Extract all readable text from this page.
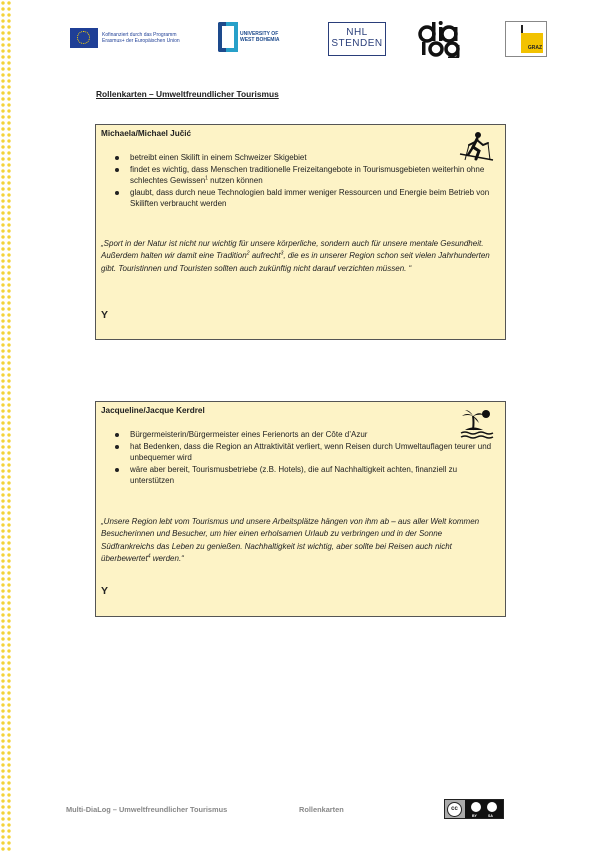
Kofinanziert durch das Programm Erasmus+ der Europäischen Union
UNIVERSITY OF WEST BOHEMIA
NHL
STENDEN	GRAZ
Rollenkarten – Umweltfreundlicher Tourismus
Michaela/Michael Jučić
betreibt einen Skilift in einem Schweizer Skigebiet
findet es wichtig, dass Menschen traditionelle Freizeitangebote in Tourismusgebieten weiterhin ohne schlechtes Gewissen$^1$ nutzen können
glaubt, dass durch neue Technologien bald immer weniger Ressourcen und Energie beim Betrieb von Skiliften verbraucht werden
„Sport in der Natur ist nicht nur wichtig für unsere körperliche, sondern auch für unsere mentale Gesundheit. Außerdem halten wir damit eine Tradition$^2$ aufrecht$^3$, die es in unserer Region schon seit vielen Jahrhunderten gibt. Touristinnen und Touristen sollten auch zukünftig nicht darauf verzichten müssen. “
Y
Jacqueline/Jacque Kerdrel
Bürgermeisterin/Bürgermeister eines Ferienorts an der Côte d’Azur
hat Bedenken, dass die Region an Attraktivität verliert, wenn Reisen durch Umweltauflagen teurer und unbequemer wird
wäre aber bereit, Tourismusbetriebe (z.B. Hotels), die auf Nachhaltigkeit achten, finanziell zu unterstützen
„Unsere Region lebt vom Tourismus und unsere Arbeitsplätze hängen von ihm ab – aus aller Welt kommen Besucherinnen und Besucher, um hier einen erholsamen Urlaub zu verbringen und in der Sonne Südfrankreichs das Leben zu genießen. Nachhaltigkeit ist wichtig, aber sollte bei Reisen auch nicht überbewertet$^4$ werden.“
Y
Multi-DiaLog – Umweltfreundlicher Tourismus	Rollenkarten	cc
BY	SA
